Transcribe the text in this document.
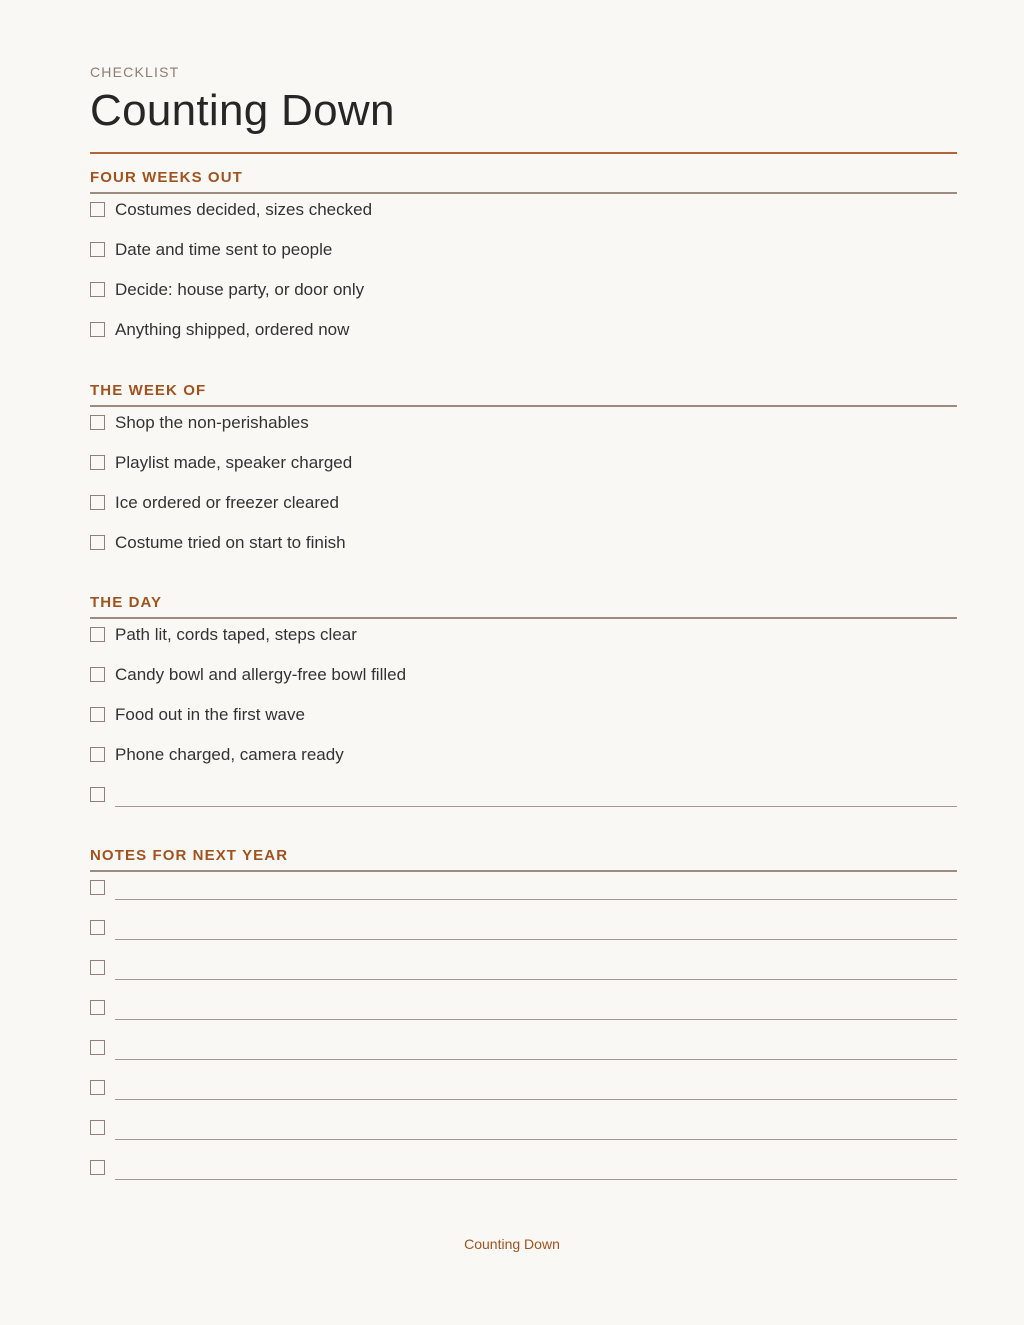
CHECKLIST
Counting Down
FOUR WEEKS OUT
Costumes decided, sizes checked
Date and time sent to people
Decide: house party, or door only
Anything shipped, ordered now
THE WEEK OF
Shop the non-perishables
Playlist made, speaker charged
Ice ordered or freezer cleared
Costume tried on start to finish
THE DAY
Path lit, cords taped, steps clear
Candy bowl and allergy-free bowl filled
Food out in the first wave
Phone charged, camera ready
NOTES FOR NEXT YEAR
Counting Down
